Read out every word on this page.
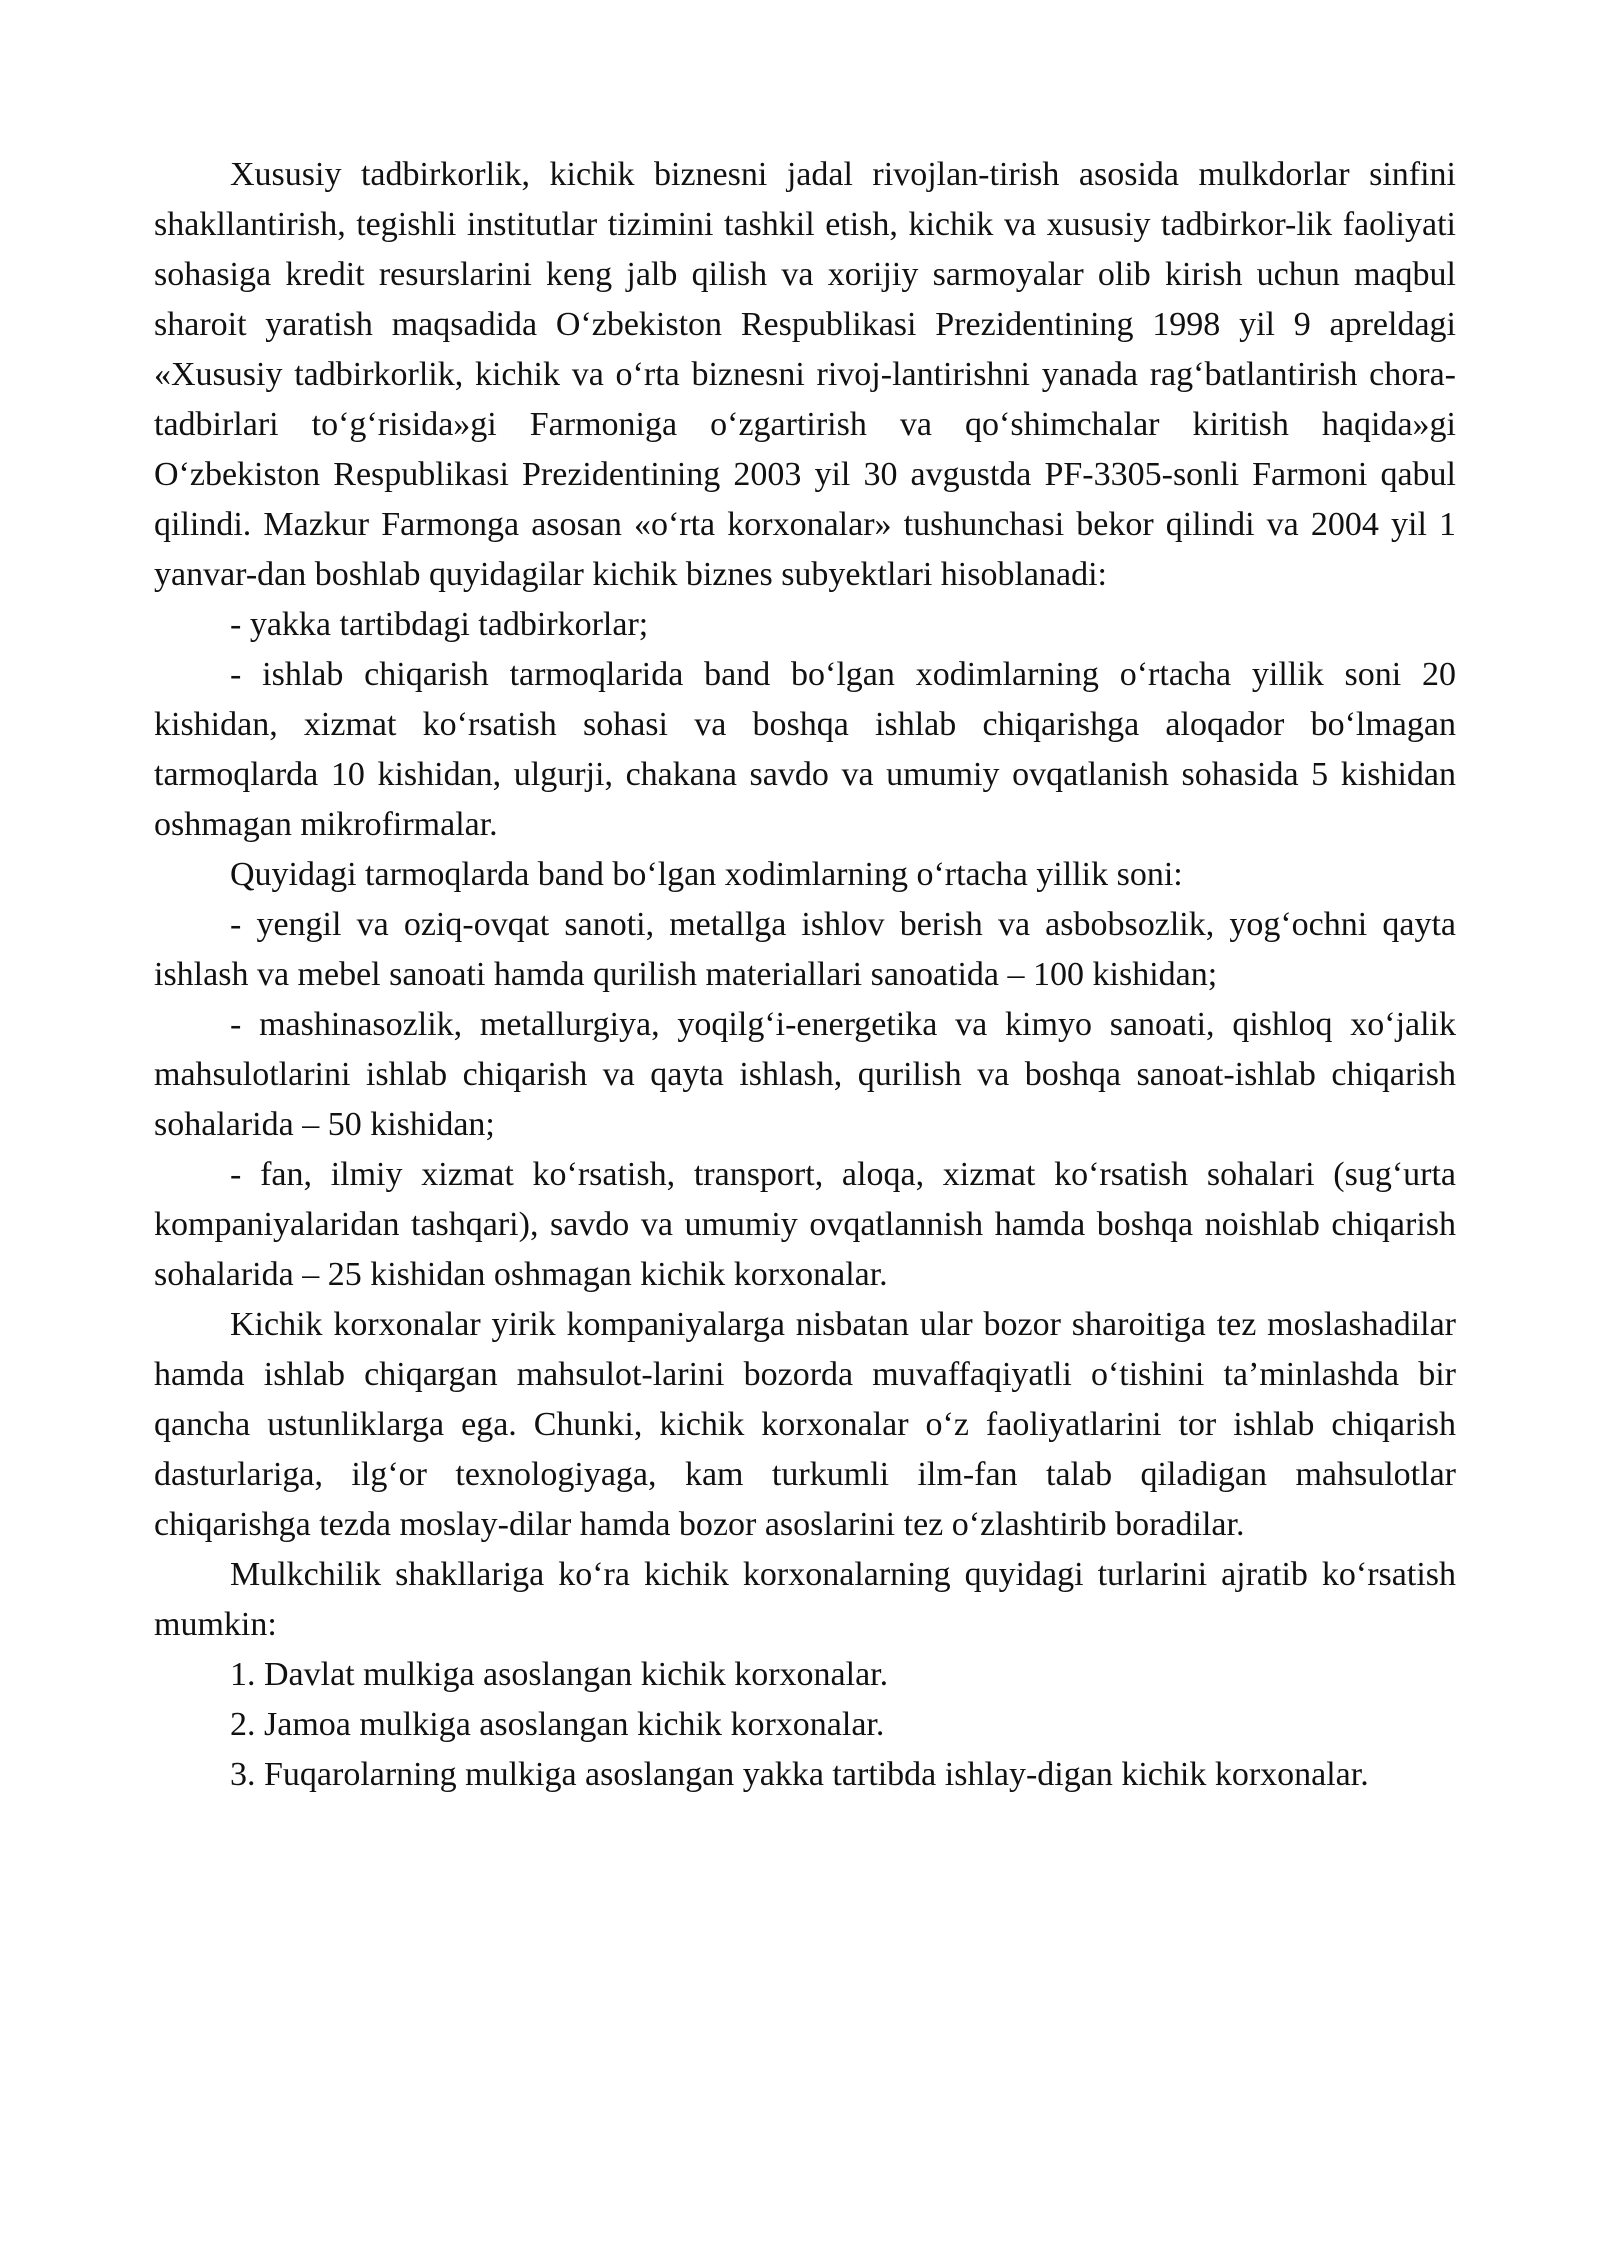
Xususiy tadbirkorlik, kichik biznesni jadal rivojlan-tirish asosida mulkdorlar sinfini shakllantirish, tegishli institutlar tizimini tashkil etish, kichik va xususiy tadbirkor-lik faoliyati sohasiga kredit resurslarini keng jalb qilish va xorijiy sarmoyalar olib kirish uchun maqbul sharoit yaratish maqsadida O‘zbekiston Respublikasi Prezidentining 1998 yil 9 apreldagi «Xususiy tadbirkorlik, kichik va o‘rta biznesni rivoj-lantirishni yanada rag‘batlantirish chora-tadbirlari to‘g‘risida»gi Farmoniga o‘zgartirish va qo‘shimchalar kiritish haqida»gi O‘zbekiston Respublikasi Prezidentining 2003 yil 30 avgustda PF-3305-sonli Farmoni qabul qilindi. Mazkur Farmonga asosan «o‘rta korxonalar» tushunchasi bekor qilindi va 2004 yil 1 yanvar-dan boshlab quyidagilar kichik biznes subyektlari hisoblanadi:

- yakka tartibdagi tadbirkorlar;

- ishlab chiqarish tarmoqlarida band bo‘lgan xodimlarning o‘rtacha yillik soni 20 kishidan, xizmat ko‘rsatish sohasi va boshqa ishlab chiqarishga aloqador bo‘lmagan tarmoqlarda 10 kishidan, ulgurji, chakana savdo va umumiy ovqatlanish sohasida 5 kishidan oshmagan mikrofirmalar.

Quyidagi tarmoqlarda band bo‘lgan xodimlarning o‘rtacha yillik soni:

- yengil va oziq-ovqat sanoti, metallga ishlov berish va asbobsozlik, yog‘ochni qayta ishlash va mebel sanoati hamda qurilish materiallari sanoatida – 100 kishidan;

- mashinasozlik, metallurgiya, yoqilg‘i-energetika va kimyo sanoati, qishloq xo‘jalik mahsulotlarini ishlab chiqarish va qayta ishlash, qurilish va boshqa sanoat-ishlab chiqarish sohalarida – 50 kishidan;

- fan, ilmiy xizmat ko‘rsatish, transport, aloqa, xizmat ko‘rsatish sohalari (sug‘urta kompaniyalaridan tashqari), savdo va umumiy ovqatlannish hamda boshqa noishlab chiqarish sohalarida – 25 kishidan oshmagan kichik korxonalar.

Kichik korxonalar yirik kompaniyalarga nisbatan ular bozor sharoitiga tez moslashadilar hamda ishlab chiqargan mahsulot-larini bozorda muvaffaqiyatli o‘tishini ta’minlashda bir qancha ustunliklarga ega. Chunki, kichik korxonalar o‘z faoliyatlarini tor ishlab chiqarish dasturlariga, ilg‘or texnologiyaga, kam turkumli ilm-fan talab qiladigan mahsulotlar chiqarishga tezda moslay-dilar hamda bozor asoslarini tez o‘zlashtirib boradilar.

Mulkchilik shakllariga ko‘ra kichik korxonalarning quyidagi turlarini ajratib ko‘rsatish mumkin:

1. Davlat mulkiga asoslangan kichik korxonalar.

2. Jamoa mulkiga asoslangan kichik korxonalar.

3. Fuqarolarning mulkiga asoslangan yakka tartibda ishlay-digan kichik korxonalar.
